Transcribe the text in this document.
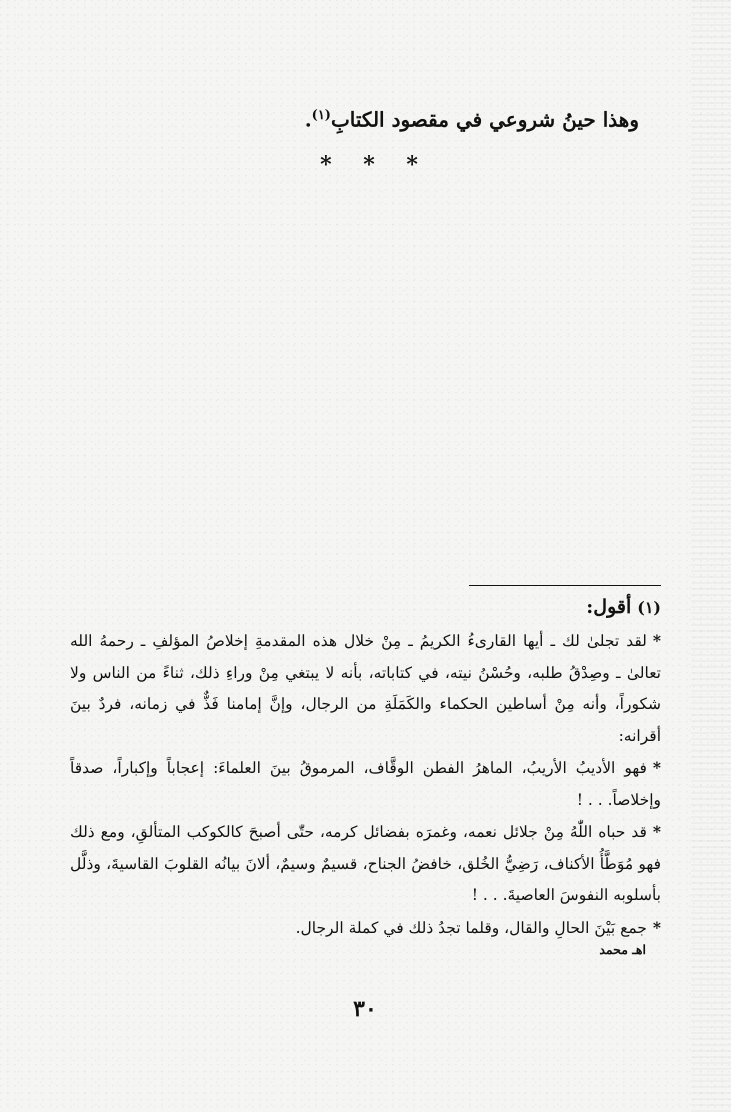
وهذا حينُ شروعي في مقصود الكتابِ$^{(١)}$.
* * *
(١)أقول:

*لقد تجلىٰ لك ـ أيها القارىءُ الكريمُ ـ مِنْ خلال هذه المقدمةِ إخلاصُ المؤلفِ ـ رحمهُ الله تعالىٰ ـ وصِدْقُ طلبه، وحُسْنُ نيته، في كتاباته، بأنه لا يبتغي مِنْ وراءِ ذلك، ثناءً من الناس ولا شكوراً، وأنه مِنْ أساطين الحكماء والكَمَلَةِ من الرجال، وإنَّ إمامنا فَذٌّ في زمانه، فردٌ بينَ أقرانه:

*فهو الأديبُ الأريبُ، الماهرُ الفطن الوقَّاف، المرموقُ بينَ العلماءَ: إعجاباً وإكباراً، صدقاً وإخلاصاً. . . !

*قد حباه اللّٰهُ مِنْ جلائل نعمه، وغمرَه بفضائل كرمه، حتّٰى أصبحَ كالكوكب المتألقِ، ومع ذلك فهو مُوَطَّأُ الأكناف، رَضِيُّ الخُلق، خافضُ الجناح، قسيمٌ وسيمٌ، ألانَ بيانُه القلوبَ القاسيةَ، وذلَّل بأسلوبه النفوسَ العاصيةَ. . . !

*جمع بَيْنَ الحالِ والقال، وقلما تجدُ ذلك في كملة الرجال.

اهـ محمد
٣٠
